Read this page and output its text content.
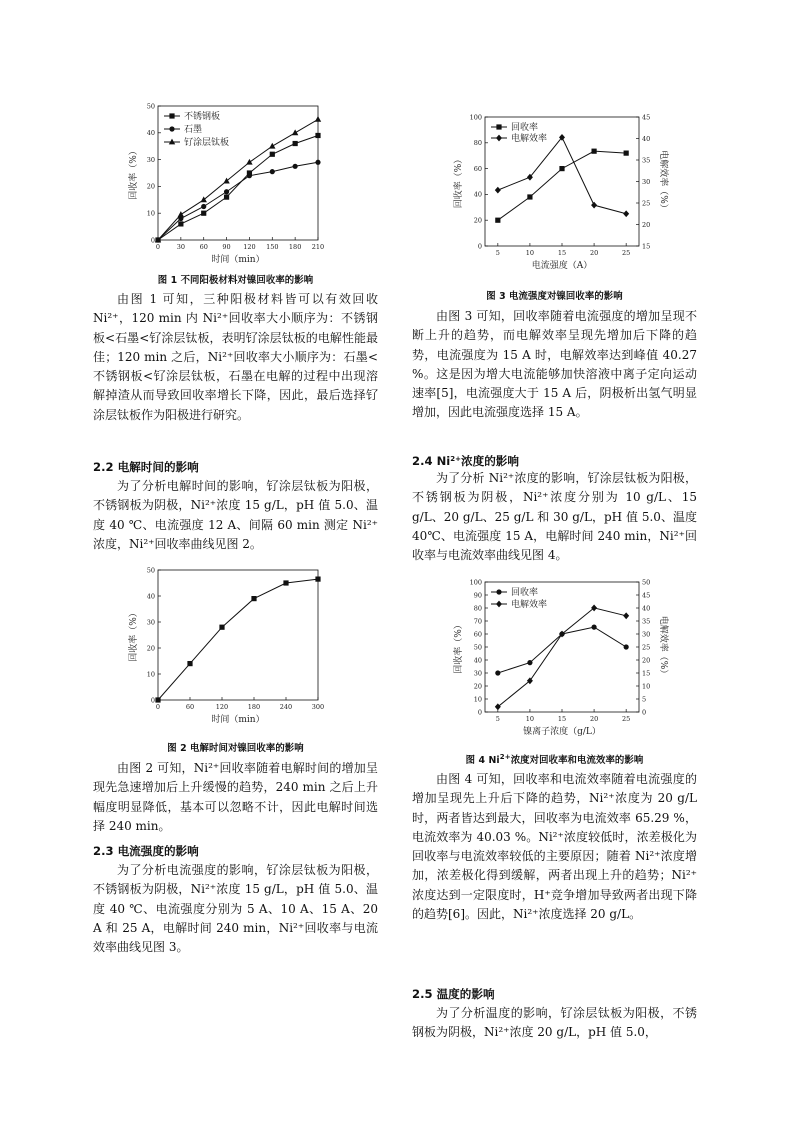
0	30 60 90 120 150 180 210
0
10
20
30
40
50
时间（min）
回收率（%）
不锈钢板
石墨
钌涂层钛板
图 1 不同阳极材料对镍回收率的影响

由图 1 可知，三种阳极材料皆可以有效回收 Ni²⁺，120 min 内 Ni²⁺回收率大小顺序为：不锈钢板<石墨<钌涂层钛板，表明钌涂层钛板的电解性能最佳；120 min 之后，Ni²⁺回收率大小顺序为：石墨<不锈钢板<钌涂层钛板，石墨在电解的过程中出现溶解掉渣从而导致回收率增长下降，因此，最后选择钌涂层钛板作为阳极进行研究。

2.2 电解时间的影响

为了分析电解时间的影响，钌涂层钛板为阳极，不锈钢板为阴极，Ni²⁺浓度 15 g/L，pH 值 5.0、温度 40 ℃、电流强度 12 A、间隔 60 min 测定 Ni²⁺浓度，Ni²⁺回收率曲线见图 2。

0	60	120	180	240	300
0
10
20
30
40
50
时间（min）
回收率（%）
图 2 电解时间对镍回收率的影响

由图 2 可知，Ni²⁺回收率随着电解时间的增加呈现先急速增加后上升缓慢的趋势，240 min 之后上升幅度明显降低，基本可以忽略不计，因此电解时间选择 240 min。

2.3 电流强度的影响

为了分析电流强度的影响，钌涂层钛板为阳极，不锈钢板为阴极，Ni²⁺浓度 15 g/L，pH 值 5.0、温度 40 ℃、电流强度分别为 5 A、10 A、15 A、20 A 和 25 A，电解时间 240 min，Ni²⁺回收率与电流效率曲线见图 3。

5	10	15	20	25
0
20
40
60
80
100
15
20
25
30
35
40
45
电流强度（A）
回收率（%）	电解效率（%）
回收率
电解效率
图 3 电流强度对镍回收率的影响

由图 3 可知，回收率随着电流强度的增加呈现不断上升的趋势，而电解效率呈现先增加后下降的趋势，电流强度为 15 A 时，电解效率达到峰值 40.27 %。这是因为增大电流能够加快溶液中离子定向运动速率[5]，电流强度大于 15 A 后，阴极析出氢气明显增加，因此电流强度选择 15 A。

2.4 $Ni^{2+}$浓度的影响

为了分析 Ni²⁺浓度的影响，钌涂层钛板为阳极，不锈钢板为阴极，Ni²⁺浓度分别为 10 g/L、15 g/L、20 g/L、25 g/L 和 30 g/L，pH 值 5.0、温度 40℃、电流强度 15 A，电解时间 240 min，Ni²⁺回收率与电流效率曲线见图 4。

5	10	15	20	25
0
10
20
30
40
50
60
70
80
90
100
0
5
10
15
20
25
30
35
40
45
50
镍离子浓度（g/L）
回收率（%）	电解效率（%）
回收率
电解效率
图 4 $Ni^{2+}$浓度对回收率和电流效率的影响

由图 4 可知，回收率和电流效率随着电流强度的增加呈现先上升后下降的趋势，Ni²⁺浓度为 20 g/L 时，两者皆达到最大，回收率为电流效率 65.29 %，电流效率为 40.03 %。Ni²⁺浓度较低时，浓差极化为回收率与电流效率较低的主要原因；随着 Ni²⁺浓度增加，浓差极化得到缓解，两者出现上升的趋势；Ni²⁺浓度达到一定限度时，H⁺竞争增加导致两者出现下降的趋势[6]。因此，Ni²⁺浓度选择 20 g/L。

2.5 温度的影响

为了分析温度的影响，钌涂层钛板为阳极，不锈钢板为阴极，Ni²⁺浓度 20 g/L，pH 值 5.0，
